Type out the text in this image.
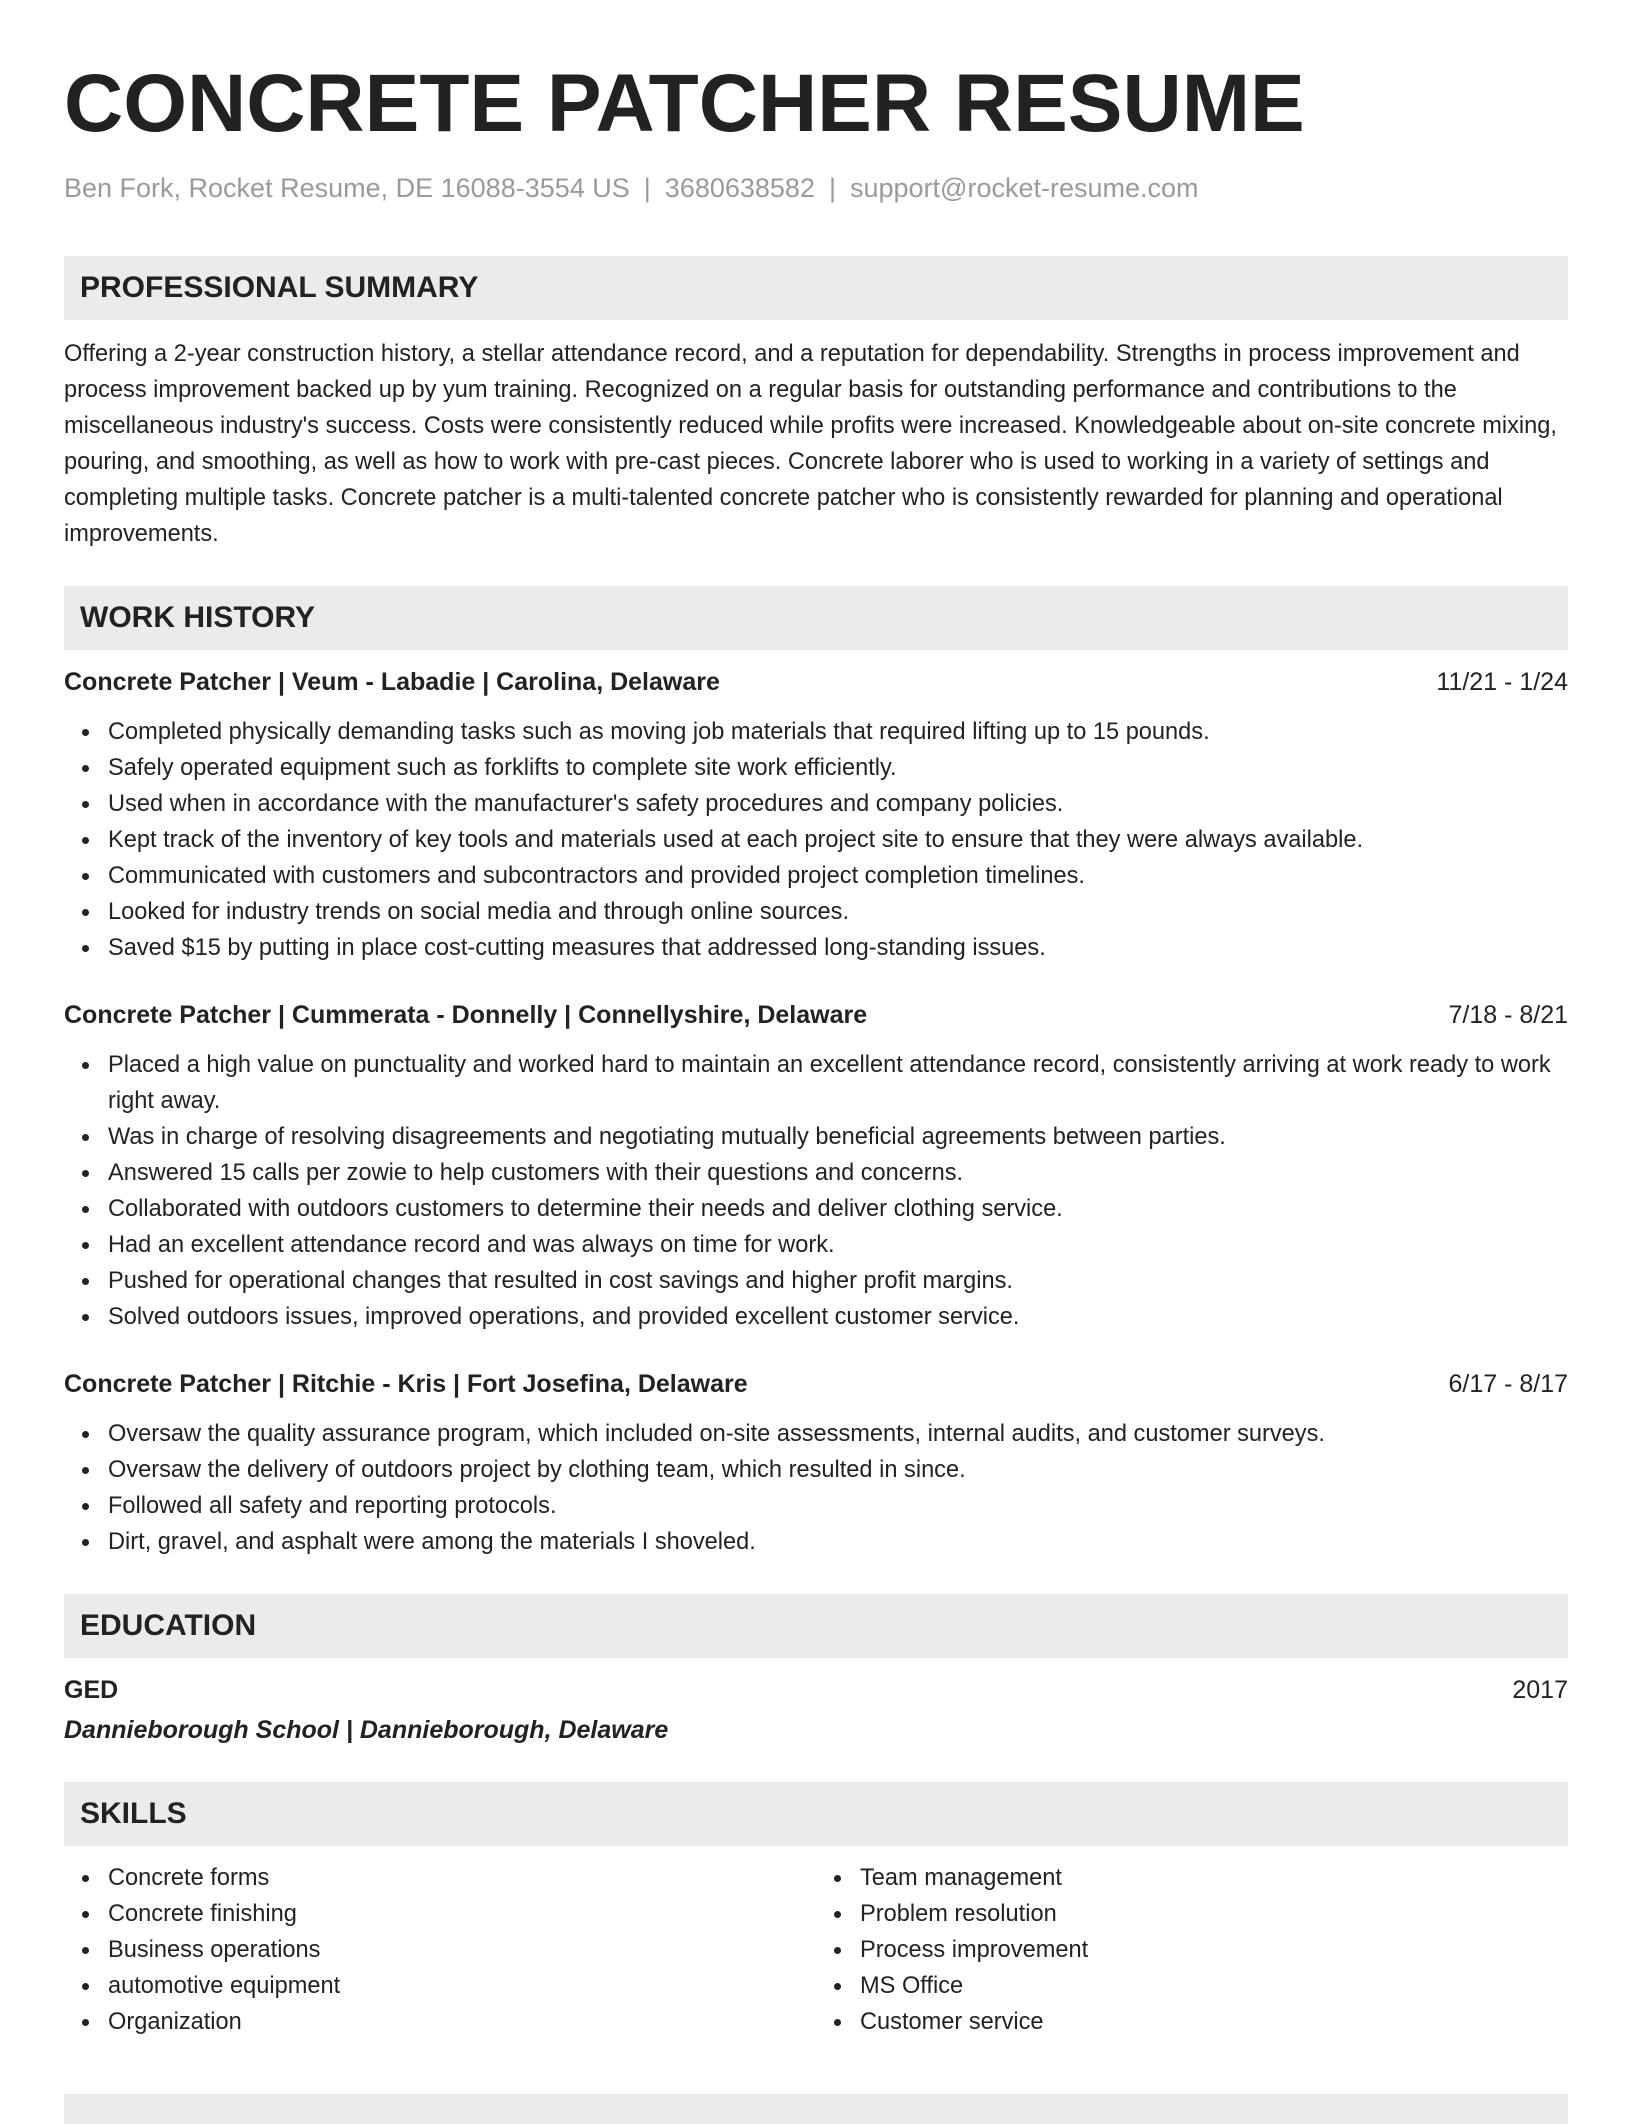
CONCRETE PATCHER RESUME
Ben Fork, Rocket Resume, DE 16088-3554 US | 3680638582 | support@rocket-resume.com
PROFESSIONAL SUMMARY
Offering a 2-year construction history, a stellar attendance record, and a reputation for dependability. Strengths in process improvement and process improvement backed up by yum training. Recognized on a regular basis for outstanding performance and contributions to the miscellaneous industry's success. Costs were consistently reduced while profits were increased. Knowledgeable about on-site concrete mixing, pouring, and smoothing, as well as how to work with pre-cast pieces. Concrete laborer who is used to working in a variety of settings and completing multiple tasks. Concrete patcher is a multi-talented concrete patcher who is consistently rewarded for planning and operational improvements.
WORK HISTORY
Concrete Patcher | Veum - Labadie | Carolina, Delaware	11/21 - 1/24
Completed physically demanding tasks such as moving job materials that required lifting up to 15 pounds.
Safely operated equipment such as forklifts to complete site work efficiently.
Used when in accordance with the manufacturer's safety procedures and company policies.
Kept track of the inventory of key tools and materials used at each project site to ensure that they were always available.
Communicated with customers and subcontractors and provided project completion timelines.
Looked for industry trends on social media and through online sources.
Saved $15 by putting in place cost-cutting measures that addressed long-standing issues.
Concrete Patcher | Cummerata - Donnelly | Connellyshire, Delaware	7/18 - 8/21
Placed a high value on punctuality and worked hard to maintain an excellent attendance record, consistently arriving at work ready to work right away.
Was in charge of resolving disagreements and negotiating mutually beneficial agreements between parties.
Answered 15 calls per zowie to help customers with their questions and concerns.
Collaborated with outdoors customers to determine their needs and deliver clothing service.
Had an excellent attendance record and was always on time for work.
Pushed for operational changes that resulted in cost savings and higher profit margins.
Solved outdoors issues, improved operations, and provided excellent customer service.
Concrete Patcher | Ritchie - Kris | Fort Josefina, Delaware	6/17 - 8/17
Oversaw the quality assurance program, which included on-site assessments, internal audits, and customer surveys.
Oversaw the delivery of outdoors project by clothing team, which resulted in since.
Followed all safety and reporting protocols.
Dirt, gravel, and asphalt were among the materials I shoveled.
EDUCATION
GED	2017
Dannieborough School | Dannieborough, Delaware
SKILLS
Concrete forms
Concrete finishing
Business operations
automotive equipment
Organization
Team management
Problem resolution
Process improvement
MS Office
Customer service
